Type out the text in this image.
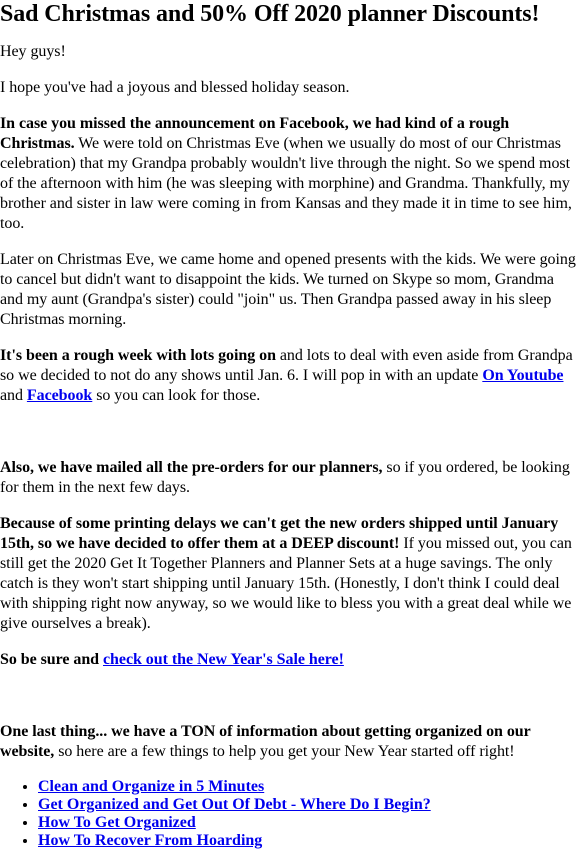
Sad Christmas and 50% Off 2020 planner Discounts!

Hey guys!

I hope you've had a joyous and blessed holiday season.

In case you missed the announcement on Facebook, we had kind of a rough Christmas. We were told on Christmas Eve (when we usually do most of our Christmas celebration) that my Grandpa probably wouldn't live through the night. So we spend most of the afternoon with him (he was sleeping with morphine) and Grandma. Thankfully, my brother and sister in law were coming in from Kansas and they made it in time to see him, too.

Later on Christmas Eve, we came home and opened presents with the kids. We were going to cancel but didn't want to disappoint the kids. We turned on Skype so mom, Grandma and my aunt (Grandpa's sister) could "join" us. Then Grandpa passed away in his sleep Christmas morning.

It's been a rough week with lots going on and lots to deal with even aside from Grandpa so we decided to not do any shows until Jan. 6. I will pop in with an update On Youtube and Facebook so you can look for those.

Also, we have mailed all the pre-orders for our planners, so if you ordered, be looking for them in the next few days.

Because of some printing delays we can't get the new orders shipped until January 15th, so we have decided to offer them at a DEEP discount! If you missed out, you can still get the 2020 Get It Together Planners and Planner Sets at a huge savings. The only catch is they won't start shipping until January 15th. (Honestly, I don't think I could deal with shipping right now anyway, so we would like to bless you with a great deal while we give ourselves a break).

So be sure and check out the New Year's Sale here!

One last thing... we have a TON of information about getting organized on our website, so here are a few things to help you get your New Year started off right!

• Clean and Organize in 5 Minutes
• Get Organized and Get Out Of Debt - Where Do I Begin?
• How To Get Organized
• How To Recover From Hoarding
